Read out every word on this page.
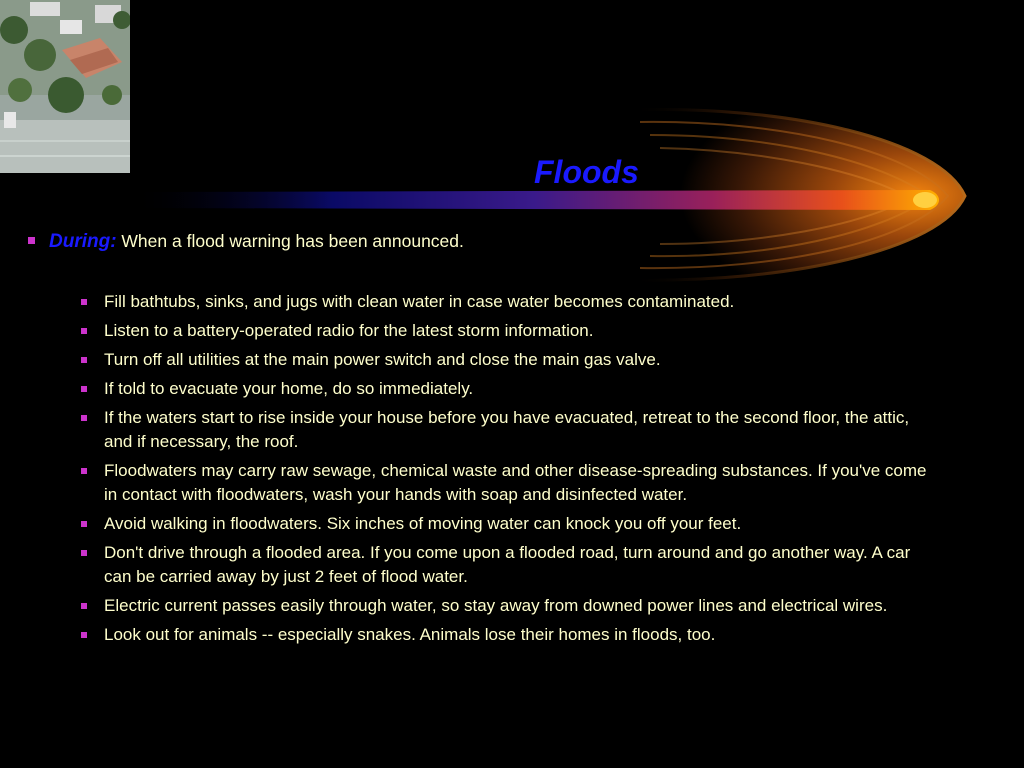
Floods
During: When a flood warning has been announced.
Fill bathtubs, sinks, and jugs with clean water in case water becomes contaminated.
Listen to a battery-operated radio for the latest storm information.
Turn off all utilities at the main power switch and close the main gas valve.
If told to evacuate your home, do so immediately.
If the waters start to rise inside your house before you have evacuated, retreat to the second floor, the attic, and if necessary, the roof.
Floodwaters may carry raw sewage, chemical waste and other disease-spreading substances. If you've come in contact with floodwaters, wash your hands with soap and disinfected water.
Avoid walking in floodwaters. Six inches of moving water can knock you off your feet.
Don't drive through a flooded area. If you come upon a flooded road, turn around and go another way. A car can be carried away by just 2 feet of flood water.
Electric current passes easily through water, so stay away from downed power lines and electrical wires.
Look out for animals -- especially snakes. Animals lose their homes in floods, too.
